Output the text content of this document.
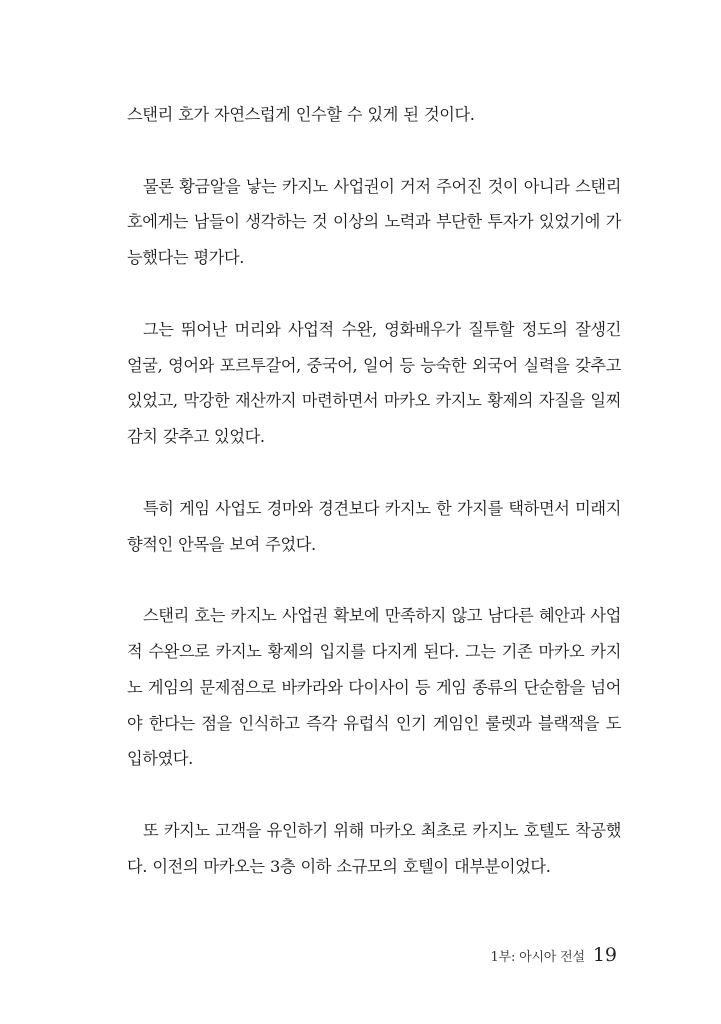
스탠리 호가 자연스럽게 인수할 수 있게 된 것이다.

물론 황금알을 낳는 카지노 사업권이 거저 주어진 것이 아니라 스탠리 호에게는 남들이 생각하는 것 이상의 노력과 부단한 투자가 있었기에 가능했다는 평가다.

그는 뛰어난 머리와 사업적 수완, 영화배우가 질투할 정도의 잘생긴 얼굴, 영어와 포르투갈어, 중국어, 일어 등 능숙한 외국어 실력을 갖추고 있었고, 막강한 재산까지 마련하면서 마카오 카지노 황제의 자질을 일찌감치 갖추고 있었다.

특히 게임 사업도 경마와 경견보다 카지노 한 가지를 택하면서 미래지향적인 안목을 보여 주었다.

스탠리 호는 카지노 사업권 확보에 만족하지 않고 남다른 혜안과 사업적 수완으로 카지노 황제의 입지를 다지게 된다. 그는 기존 마카오 카지노 게임의 문제점으로 바카라와 다이사이 등 게임 종류의 단순함을 넘어야 한다는 점을 인식하고 즉각 유럽식 인기 게임인 룰렛과 블랙잭을 도입하였다.

또 카지노 고객을 유인하기 위해 마카오 최초로 카지노 호텔도 착공했다. 이전의 마카오는 3층 이하 소규모의 호텔이 대부분이었다.

1부: 아시아 전설 19
